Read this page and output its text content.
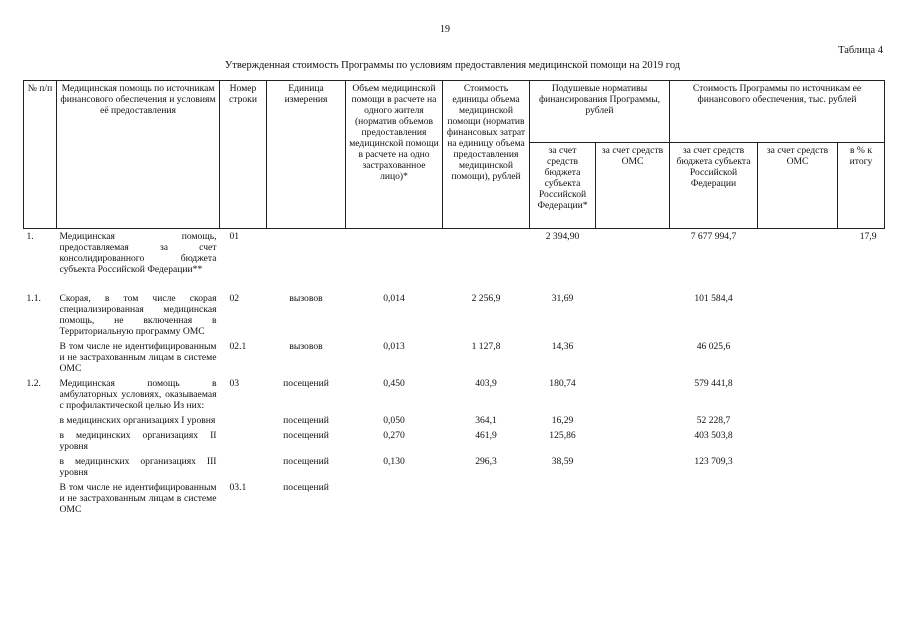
19
Таблица 4
Утвержденная стоимость Программы по условиям предоставления медицинской помощи на 2019 год
№ п/п	Медицинская помощь по источникам финансового обеспечения и условиям её предоставления	Номер строки	Единица измерения	Объем медицинской помощи в расчете на одного жителя (норматив объемов предоставления медицинской помощи в расчете на одно застрахованное лицо)*	Стоимость единицы объема медицинской помощи (норматив финансовых затрат на единицу объема предоставления медицинской помощи), рублей	Подушевые нормативы финансирования Программы, рублей		Стоимость Программы по источникам ее финансового обеспечения, тыс. рублей		
						за счет средств бюджета субъекта Российской Федерации*	за счет средств ОМС	за счет средств бюджета субъекта Российской Федерации	за счет средств ОМС	в % к итогу
1.	Медицинская помощь, предоставляемая за счет консолидированного бюджета субъекта Российской Федерации**	01				2 394,90		7 677 994,7		17,9

1.1.	Скорая, в том числе скорая специализированная медицинская помощь, не включенная в Территориальную программу ОМС	02	вызовов	0,014	2 256,9	31,69		101 584,4		
	В том числе не идентифицированным и не застрахованным лицам в системе ОМС	02.1	вызовов	0,013	1 127,8	14,36		46 025,6		
1.2.	Медицинская помощь в амбулаторных условиях, оказываемая с профилактической целью Из них:	03	посещений	0,450	403,9	180,74		579 441,8		
	в медицинских организациях I уровня		посещений	0,050	364,1	16,29		52 228,7		
	в медицинских организациях II уровня		посещений	0,270	461,9	125,86		403 503,8		
	в медицинских организациях III уровня		посещений	0,130	296,3	38,59		123 709,3		
	В том числе не идентифицированным и не застрахованным лицам в системе ОМС	03.1	посещений							
